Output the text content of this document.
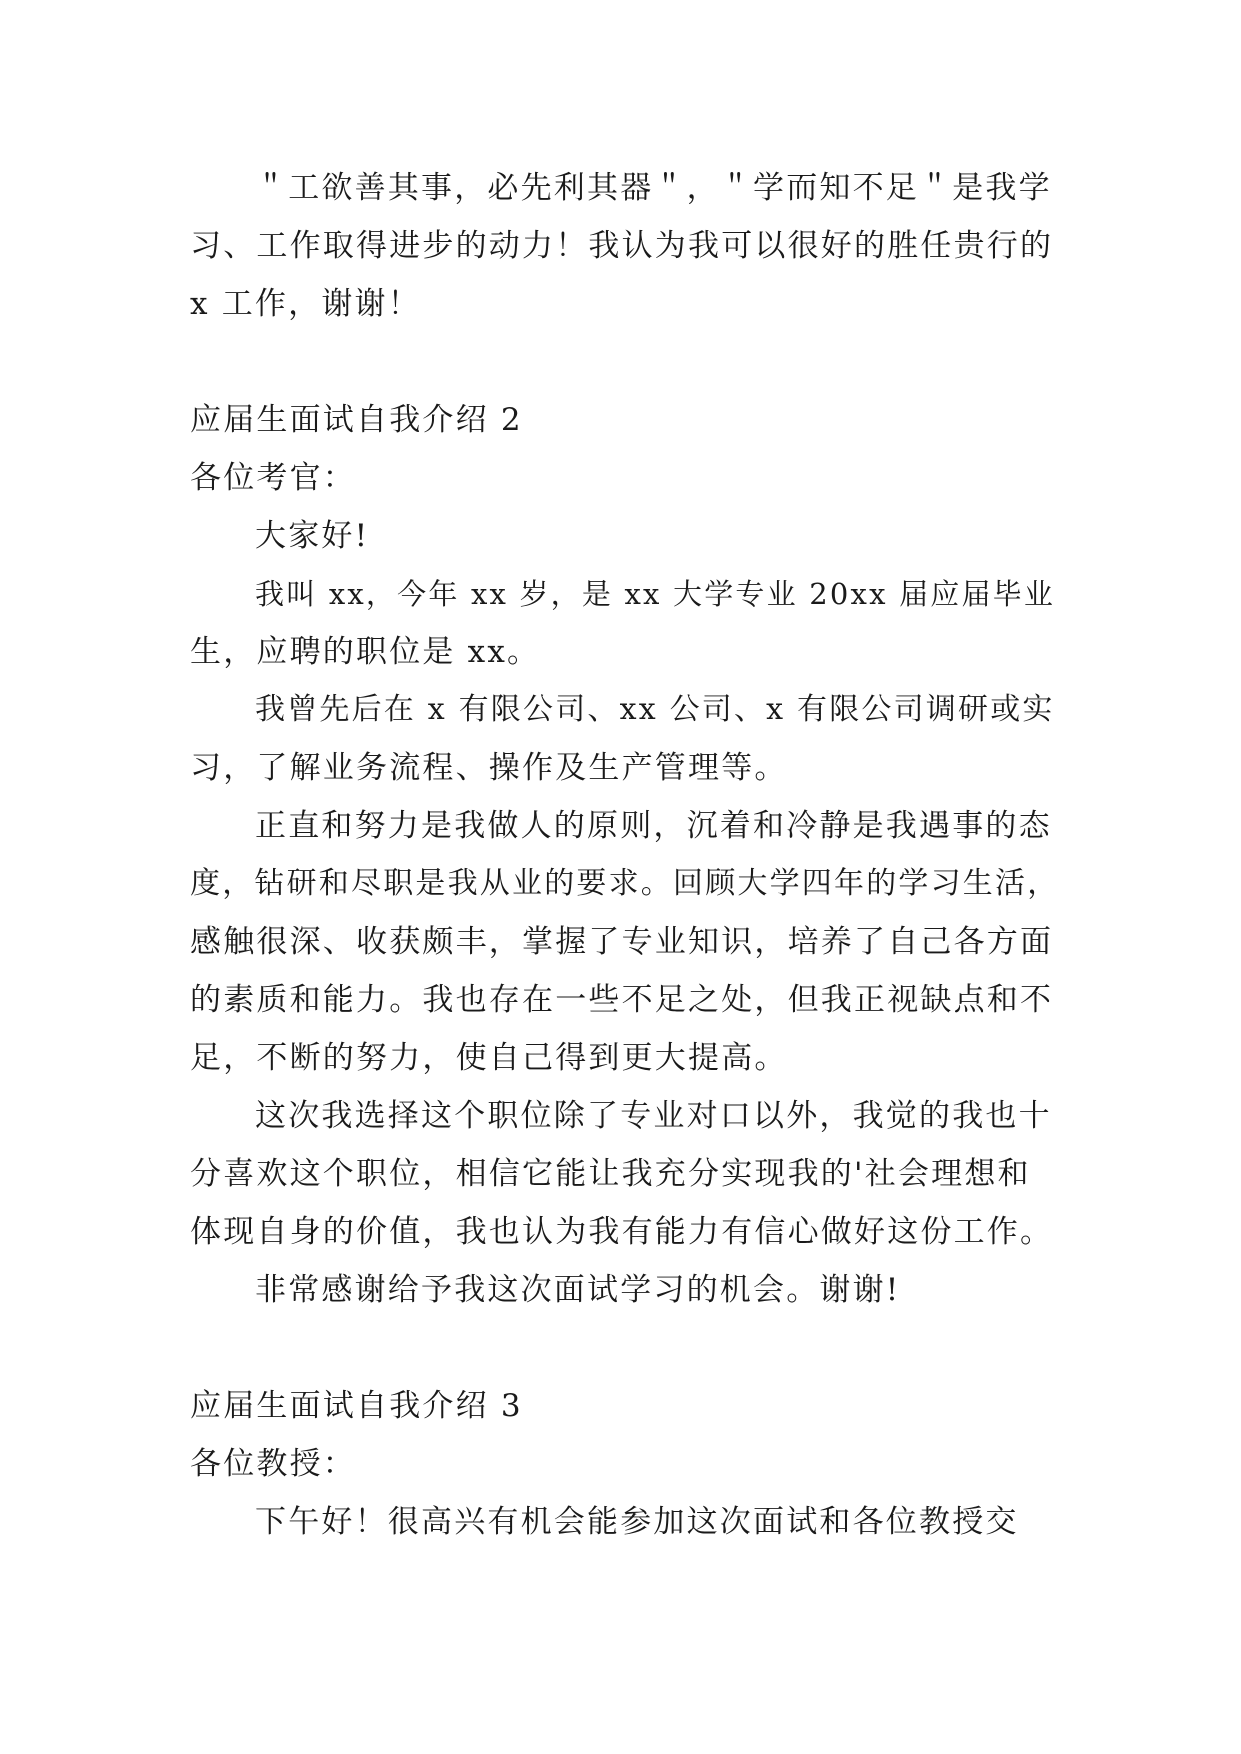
＂工欲善其事，必先利其器＂，＂学而知不足＂是我学
习、工作取得进步的动力！我认为我可以很好的胜任贵行的
x 工作，谢谢！
应届生面试自我介绍 2
各位考官：
大家好!
我叫 xx，今年 xx 岁，是 xx 大学专业 20xx 届应届毕业
生，应聘的职位是 xx。
我曾先后在 x 有限公司、xx 公司、x 有限公司调研或实
习，了解业务流程、操作及生产管理等。
正直和努力是我做人的原则，沉着和冷静是我遇事的态
度，钻研和尽职是我从业的要求。回顾大学四年的学习生活，
感触很深、收获颇丰，掌握了专业知识，培养了自己各方面
的素质和能力。我也存在一些不足之处，但我正视缺点和不
足，不断的努力，使自己得到更大提高。
这次我选择这个职位除了专业对口以外，我觉的我也十
分喜欢这个职位，相信它能让我充分实现我的'社会理想和
体现自身的价值，我也认为我有能力有信心做好这份工作。
非常感谢给予我这次面试学习的机会。谢谢!
应届生面试自我介绍 3
各位教授：
下午好！很高兴有机会能参加这次面试和各位教授交
